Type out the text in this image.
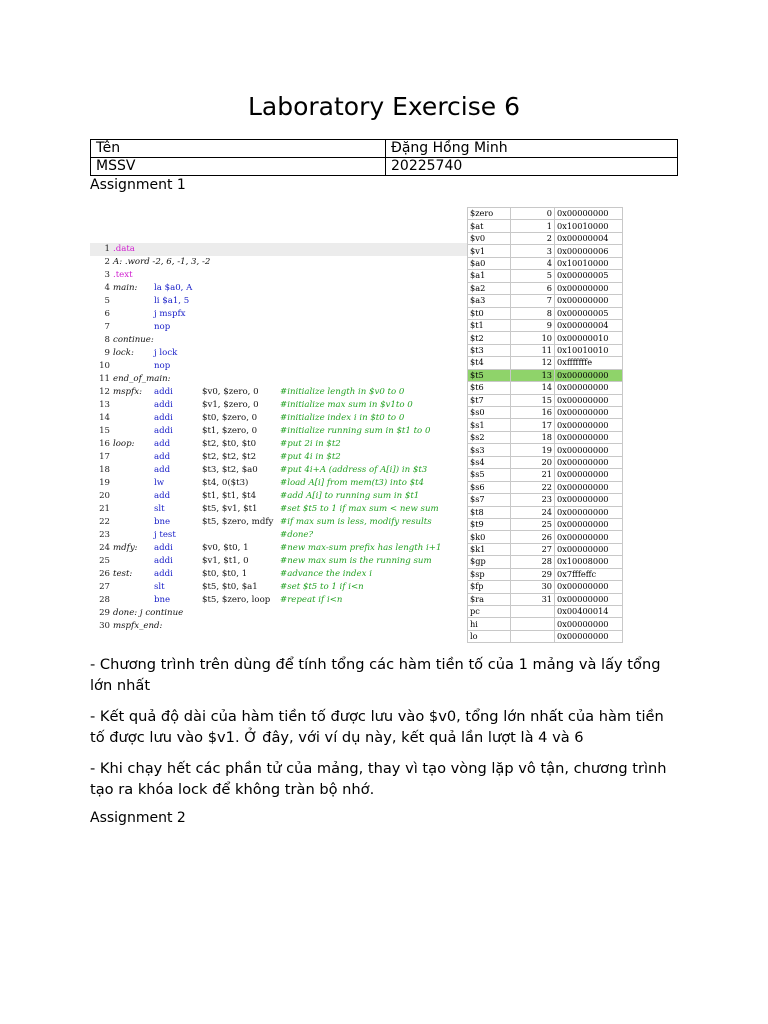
Laboratory Exercise 6
Tên	Đặng Hồng Minh
MSSV	20225740
Assignment 1
1 .data
2 A: .word -2, 6, -1, 3, -2
3 .text
4 main: la $a0, A
5	li $a1, 5
6	j mspfx
7	nop
8 continue:
9 lock: j lock
10	nop
11 end_of_main:
12 mspfx: addi	$v0, $zero, 0 #initialize length in $v0 to 0
13	addi	$v1, $zero, 0 #initialize max sum in $v1to 0
14	addi	$t0, $zero, 0	#initialize index i in $t0 to 0
15	addi	$t1, $zero, 0	#initialize running sum in $t1 to 0
16 loop: add	$t2, $t0, $t0	#put 2i in $t2
17	add	$t2, $t2, $t2	#put 4i in $t2
18	add	$t3, $t2, $a0	#put 4i+A (address of A[i]) in $t3
19	lw	$t4, 0($t3)	#load A[i] from mem(t3) into $t4
20	add	$t1, $t1, $t4	#add A[i] to running sum in $t1
21	slt	$t5, $v1, $t1	#set $t5 to 1 if max sum < new sum
22	bne	$t5, $zero, mdfy #if max sum is less, modify results
23	j test	#done?
24 mdfy: addi	$v0, $t0, 1	#new max-sum prefix has length i+1
25	addi	$v1, $t1, 0	#new max sum is the running sum
26 test:	addi	$t0, $t0, 1	#advance the index i
27	slt	$t5, $t0, $a1	#set $t5 to 1 if i<n
28	bne	$t5, $zero, loop #repeat if i<n
29 done: j continue
30 mspfx_end:
$zero	0	0x00000000
$at	1	0x10010000
$v0	2	0x00000004
$v1	3	0x00000006
$a0	4	0x10010000
$a1	5	0x00000005
$a2	6	0x00000000
$a3	7	0x00000000
$t0	8	0x00000005
$t1	9	0x00000004
$t2	10	0x00000010
$t3	11	0x10010010
$t4	12	0xfffffffe
$t5	13	0x00000000
$t6	14	0x00000000
$t7	15	0x00000000
$s0	16	0x00000000
$s1	17	0x00000000
$s2	18	0x00000000
$s3	19	0x00000000
$s4	20	0x00000000
$s5	21	0x00000000
$s6	22	0x00000000
$s7	23	0x00000000
$t8	24	0x00000000
$t9	25	0x00000000
$k0	26	0x00000000
$k1	27	0x00000000
$gp	28	0x10008000
$sp	29	0x7fffeffc
$fp	30	0x00000000
$ra	31	0x00000000
pc		0x00400014
hi		0x00000000
lo		0x00000000
- Chương trình trên dùng để tính tổng các hàm tiền tố của 1 mảng và lấy tổng lớn nhất
- Kết quả độ dài của hàm tiền tố được lưu vào $v0, tổng lớn nhất của hàm tiền tố được lưu vào $v1. Ở đây, với ví dụ này, kết quả lần lượt là 4 và 6
- Khi chạy hết các phần tử của mảng, thay vì tạo vòng lặp vô tận, chương trình tạo ra khóa lock để không tràn bộ nhớ.
Assignment 2
